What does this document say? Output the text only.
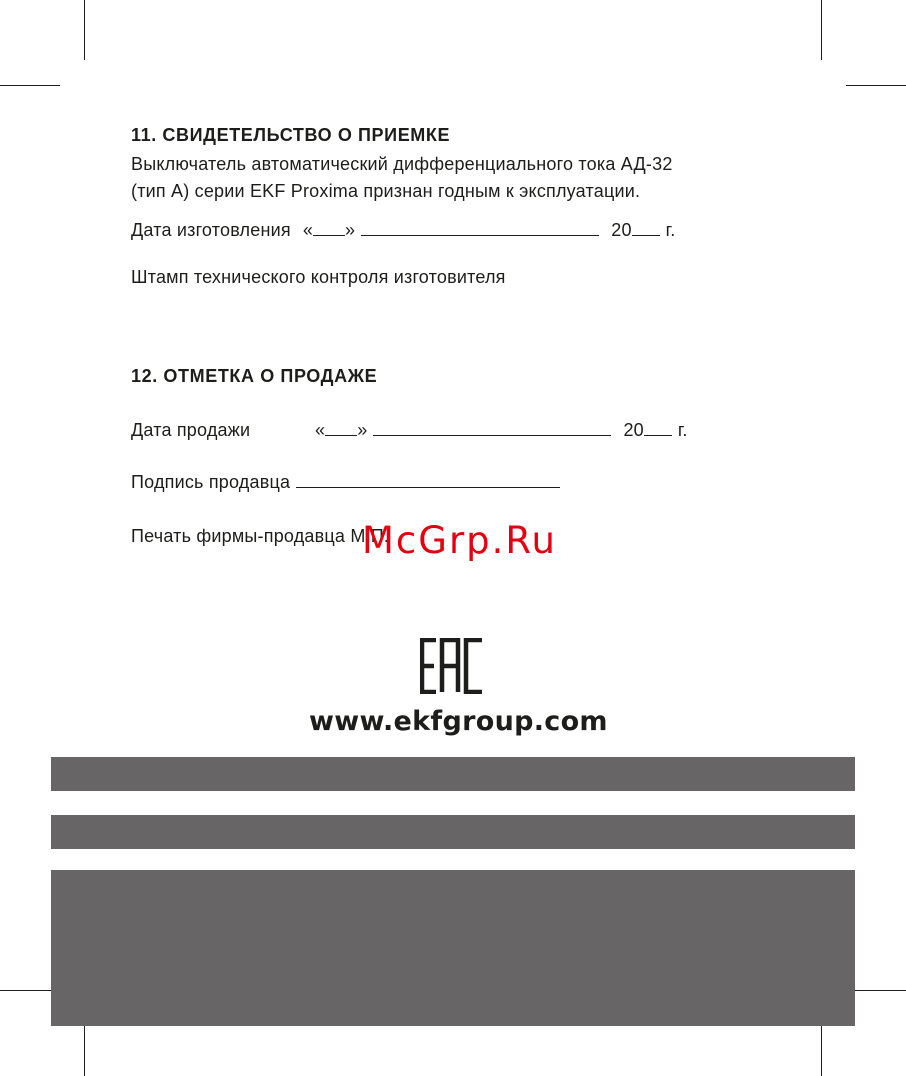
11. СВИДЕТЕЛЬСТВО О ПРИЕМКЕ
Выключатель автоматический дифференциального тока АД-32
(тип А) серии EKF Proxima признан годным к эксплуатации.
Дата изготовления « »	20 г.
Штамп технического контроля изготовителя
12. ОТМЕТКА О ПРОДАЖЕ
Дата продажи	« »	20 г.
Подпись продавца
Печать фирмы-продавца М.П.
McGrp.Ru
www.ekfgroup.com
